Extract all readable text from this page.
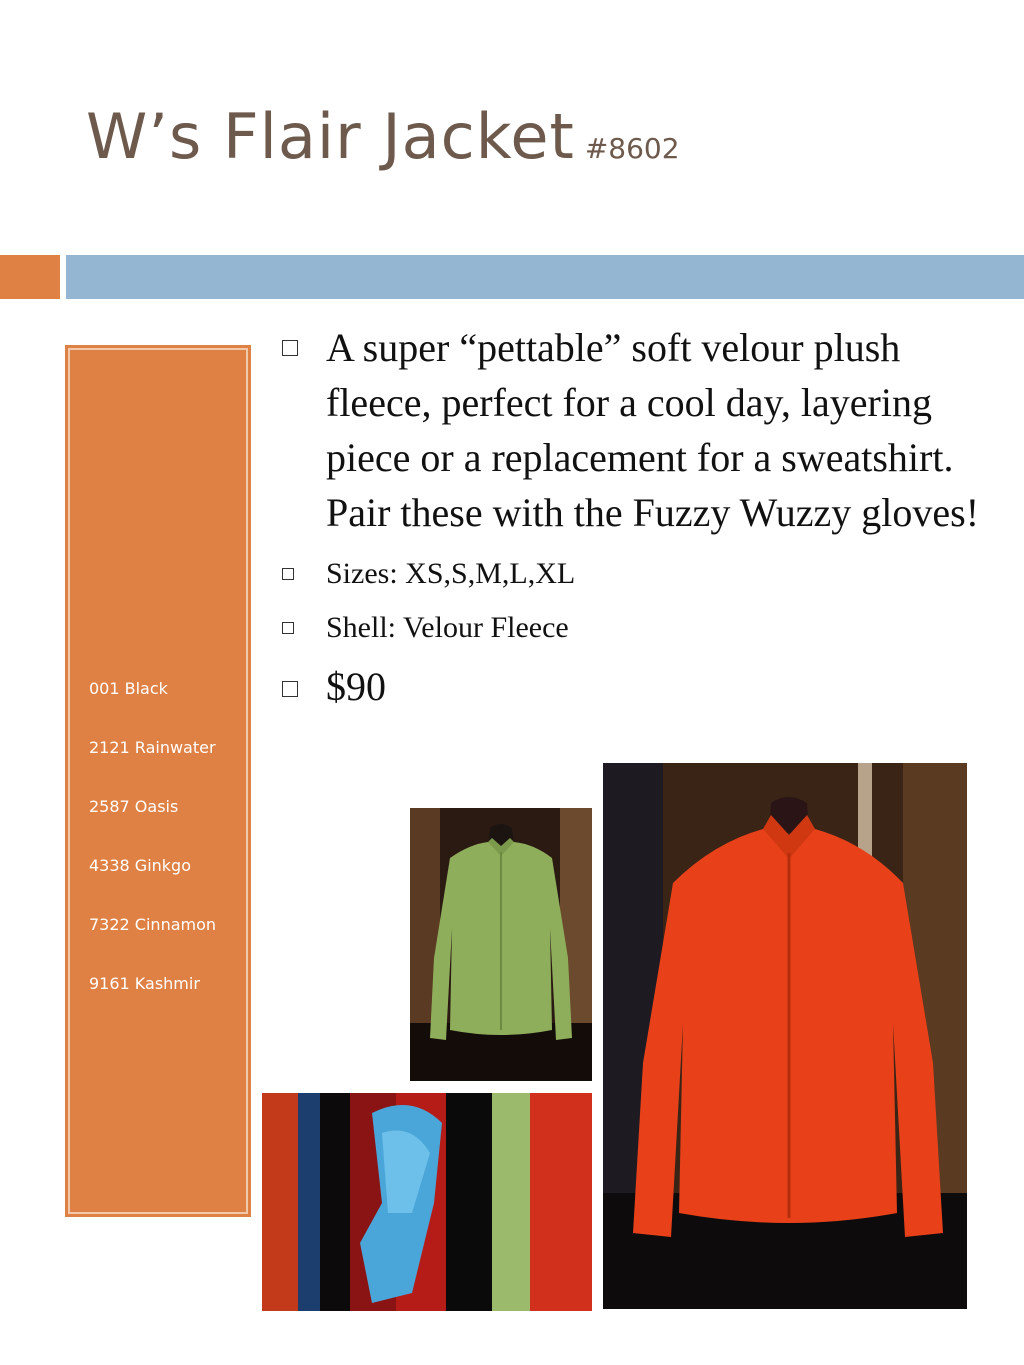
W’s Flair Jacket #8602
001 Black
2121 Rainwater
2587 Oasis
4338 Ginkgo
7322 Cinnamon
9161 Kashmir
A super “pettable” soft velour plush fleece, perfect for a cool day, layering piece or a replacement for a sweatshirt. Pair these with the Fuzzy Wuzzy gloves!
Sizes: XS,S,M,L,XL
Shell: Velour Fleece
$90
